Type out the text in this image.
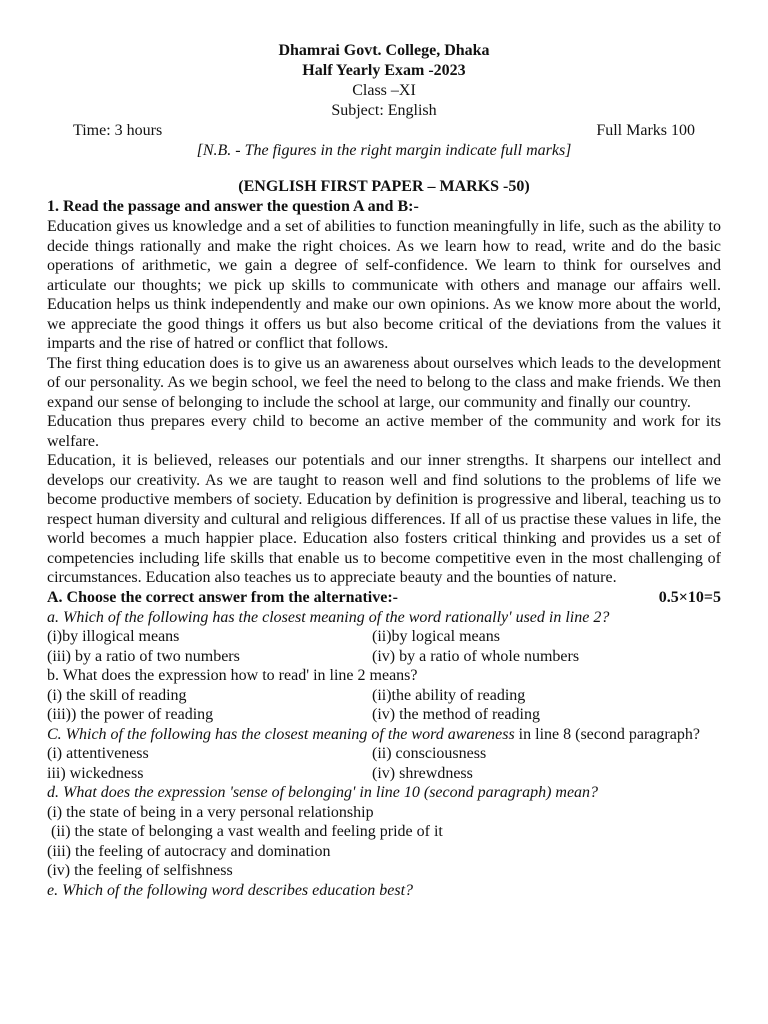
Dhamrai Govt. College, Dhaka
Half Yearly Exam -2023
Class –XI
Subject: English
Time: 3 hours	Full Marks 100
[N.B. - The figures in the right margin indicate full marks]
(ENGLISH FIRST PAPER – MARKS -50)
1. Read the passage and answer the question A and B:-

Education gives us knowledge and a set of abilities to function meaningfully in life, such as the ability to decide things rationally and make the right choices. As we learn how to read, write and do the basic operations of arithmetic, we gain a degree of self-confidence. We learn to think for ourselves and articulate our thoughts; we pick up skills to communicate with others and manage our affairs well. Education helps us think independently and make our own opinions. As we know more about the world, we appreciate the good things it offers us but also become critical of the deviations from the values it imparts and the rise of hatred or conflict that follows.

The first thing education does is to give us an awareness about ourselves which leads to the development of our personality. As we begin school, we feel the need to belong to the class and make friends. We then expand our sense of belonging to include the school at large, our community and finally our country.

Education thus prepares every child to become an active member of the community and work for its welfare.

Education, it is believed, releases our potentials and our inner strengths. It sharpens our intellect and develops our creativity. As we are taught to reason well and find solutions to the problems of life we become productive members of society. Education by definition is progressive and liberal, teaching us to respect human diversity and cultural and religious differences. If all of us practise these values in life, the world becomes a much happier place. Education also fosters critical thinking and provides us a set of competencies including life skills that enable us to become competitive even in the most challenging of circumstances. Education also teaches us to appreciate beauty and the bounties of nature.

A. Choose the correct answer from the alternative:-	0.5×10=5
a. Which of the following has the closest meaning of the word rationally' used in line 2?
(i)by illogical means	(ii)by logical means
(iii) by a ratio of two numbers	(iv) by a ratio of whole numbers
b. What does the expression how to read' in line 2 means?
(i) the skill of reading	(ii)the ability of reading
(iii)) the power of reading	(iv) the method of reading
C. Which of the following has the closest meaning of the word awareness in line 8 (second paragraph?
(i) attentiveness	(ii) consciousness
iii) wickedness	(iv) shrewdness
d. What does the expression 'sense of belonging' in line 10 (second paragraph) mean?
(i) the state of being in a very personal relationship
(ii) the state of belonging a vast wealth and feeling pride of it
(iii) the feeling of autocracy and domination
(iv) the feeling of selfishness
e. Which of the following word describes education best?
